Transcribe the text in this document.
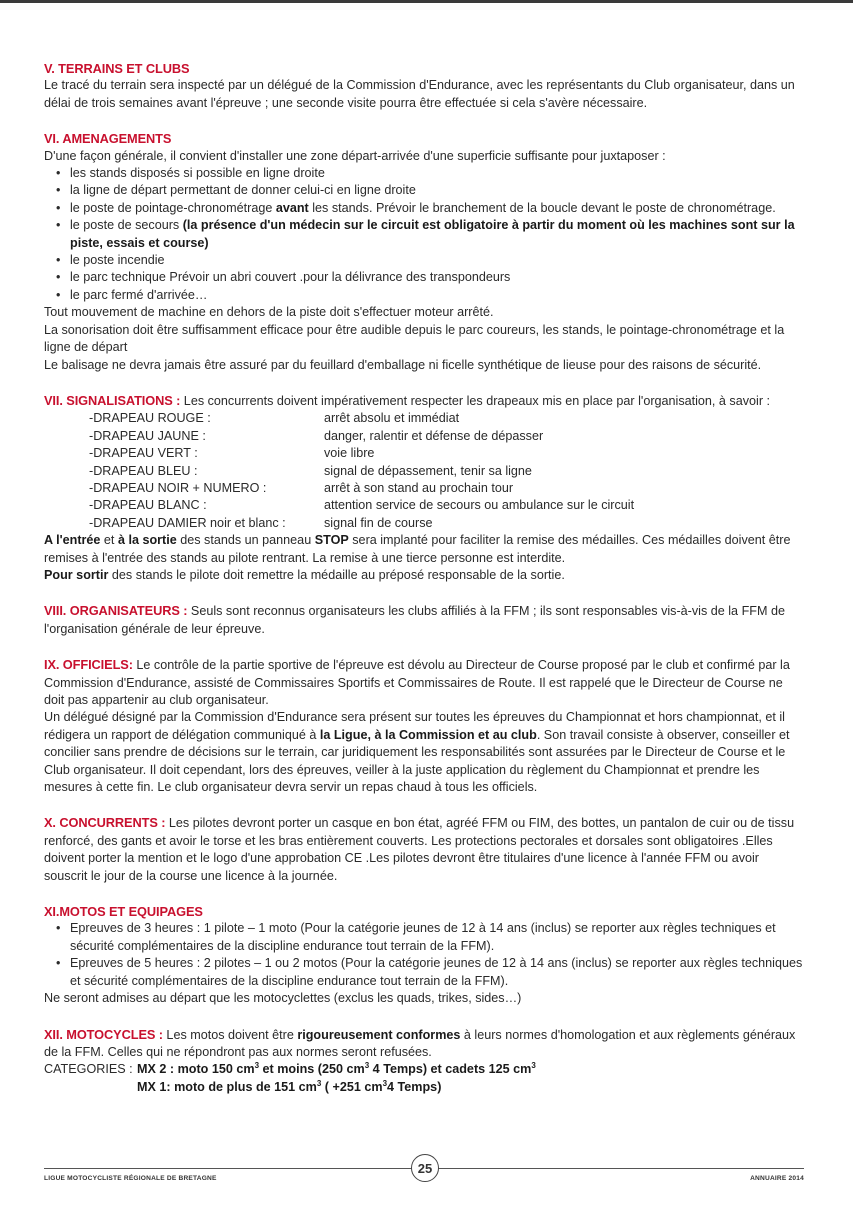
V. TERRAINS ET CLUBS

Le tracé du terrain sera inspecté par un délégué de la Commission d'Endurance, avec les représentants du Club organisateur, dans un délai de trois semaines avant l'épreuve ; une seconde visite pourra être effectuée si cela s'avère nécessaire.

VI. AMENAGEMENTS

D'une façon générale, il convient d'installer une zone départ-arrivée d'une superficie suffisante pour juxtaposer :

• les stands disposés si possible en ligne droite
• la ligne de départ permettant de donner celui-ci en ligne droite
• le poste de pointage-chronométrage avant les stands. Prévoir le branchement de la boucle devant le poste de chronométrage.
• le poste de secours (la présence d'un médecin sur le circuit est obligatoire à partir du moment où les machines sont sur la piste, essais et course)
• le poste incendie
• le parc technique Prévoir un abri couvert .pour la délivrance des transpondeurs
• le parc fermé d'arrivée…

Tout mouvement de machine en dehors de la piste doit s'effectuer moteur arrêté.

La sonorisation doit être suffisamment efficace pour être audible depuis le parc coureurs, les stands, le pointage-chronométrage et la ligne de départ

Le balisage ne devra jamais être assuré par du feuillard d'emballage ni ficelle synthétique de lieuse pour des raisons de sécurité.

VII. SIGNALISATIONS : Les concurrents doivent impérativement respecter les drapeaux mis en place par l'organisation, à savoir :

-DRAPEAU ROUGE :	arrêt absolu et immédiat
-DRAPEAU JAUNE :	danger, ralentir et défense de dépasser
-DRAPEAU VERT :	voie libre
-DRAPEAU BLEU :	signal de dépassement, tenir sa ligne
-DRAPEAU NOIR + NUMERO :	arrêt à son stand au prochain tour
-DRAPEAU BLANC :	attention service de secours ou ambulance sur le circuit
-DRAPEAU DAMIER noir et blanc :	signal fin de course

A l'entrée et à la sortie des stands un panneau STOP sera implanté pour faciliter la remise des médailles. Ces médailles doivent être remises à l'entrée des stands au pilote rentrant. La remise à une tierce personne est interdite.

Pour sortir des stands le pilote doit remettre la médaille au préposé responsable de la sortie.

VIII. ORGANISATEURS : Seuls sont reconnus organisateurs les clubs affiliés à la FFM ; ils sont responsables vis-à-vis de la FFM de l'organisation générale de leur épreuve.

IX. OFFICIELS: Le contrôle de la partie sportive de l'épreuve est dévolu au Directeur de Course proposé par le club et confirmé par la Commission d'Endurance, assisté de Commissaires Sportifs et Commissaires de Route. Il est rappelé que le Directeur de Course ne doit pas appartenir au club organisateur.

Un délégué désigné par la Commission d'Endurance sera présent sur toutes les épreuves du Championnat et hors championnat, et il rédigera un rapport de délégation communiqué à la Ligue, à la Commission et au club. Son travail consiste à observer, conseiller et concilier sans prendre de décisions sur le terrain, car juridiquement les responsabilités sont assurées par le Directeur de Course et le Club organisateur. Il doit cependant, lors des épreuves, veiller à la juste application du règlement du Championnat et prendre les mesures à cette fin. Le club organisateur devra servir un repas chaud à tous les officiels.

X. CONCURRENTS : Les pilotes devront porter un casque en bon état, agréé FFM ou FIM, des bottes, un pantalon de cuir ou de tissu renforcé, des gants et avoir le torse et les bras entièrement couverts. Les protections pectorales et dorsales sont obligatoires .Elles doivent porter la mention et le logo d'une approbation CE .Les pilotes devront être titulaires d'une licence à l'année FFM ou avoir souscrit le jour de la course une licence à la journée.

XI.MOTOS ET EQUIPAGES
• Epreuves de 3 heures : 1 pilote – 1 moto (Pour la catégorie jeunes de 12 à 14 ans (inclus) se reporter aux règles techniques et sécurité complémentaires de la discipline endurance tout terrain de la FFM).
• Epreuves de 5 heures : 2 pilotes – 1 ou 2 motos (Pour la catégorie jeunes de 12 à 14 ans (inclus) se reporter aux règles techniques et sécurité complémentaires de la discipline endurance tout terrain de la FFM).

Ne seront admises au départ que les motocyclettes (exclus les quads, trikes, sides…)

XII. MOTOCYCLES : Les motos doivent être rigoureusement conformes à leurs normes d'homologation et aux règlements généraux de la FFM. Celles qui ne répondront pas aux normes seront refusées.

CATEGORIES : MX 2 : moto 150 $cm^3$ et moins (250 $cm^3$ 4 Temps) et cadets 125 $cm^3$
MX 1: moto de plus de 151 $cm^3$ ( +251 $cm^34$ Temps)
LIGUE MOTOCYCLISTE RÉGIONALE DE BRETAGNE
25
ANNUAIRE 2014
